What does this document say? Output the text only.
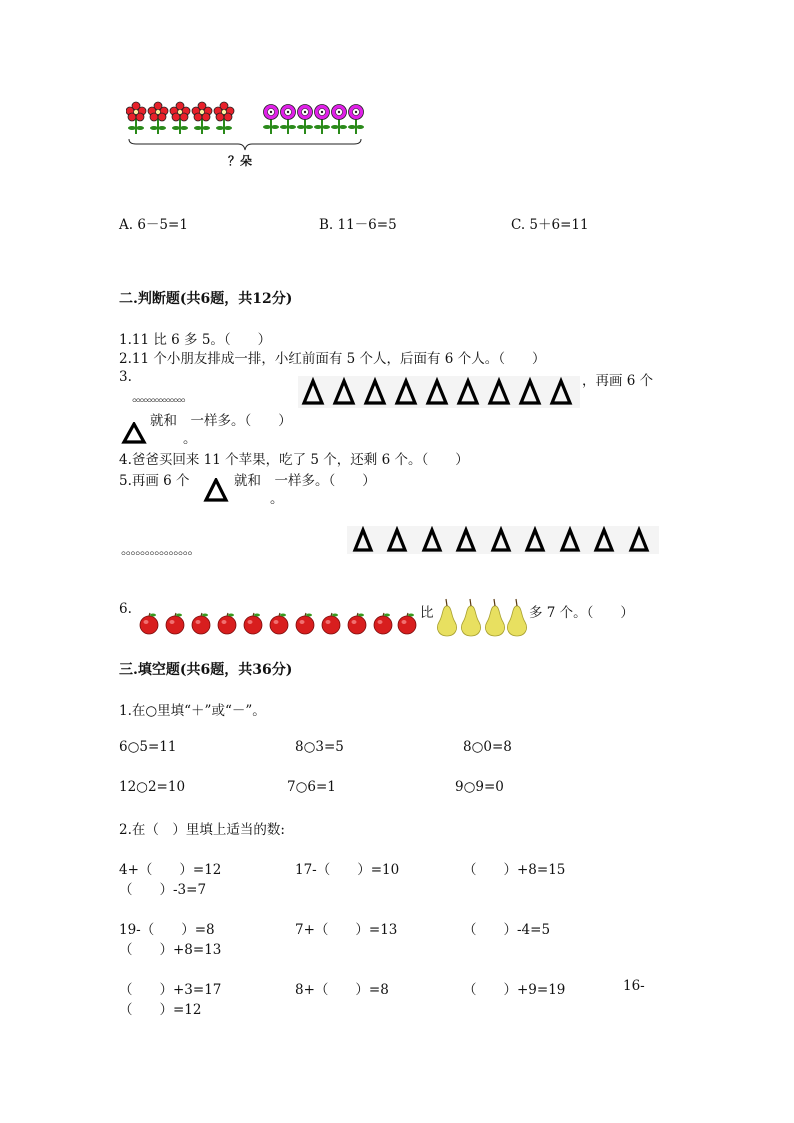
？朵
A. 6－5=1	B. 11－6=5	C. 5＋6=11
二.判断题(共6题，共12分)
1.11 比 6 多 5。（　　）
2.11 个小朋友排成一排，小红前面有 5 个人，后面有 6 个人。（　　）
3.
。。。。。。。。。。。。。。
，再画 6 个
就和　一样多。（　　）
。
4.爸爸买回来 11 个苹果，吃了 5 个，还剩 6 个。（　　）
5.再画 6 个	就和　一样多。（　　）
。
。。。。。。。。。。。。。。。
6.	比	多 7 个。（　　）
三.填空题(共6题，共36分)
1.在○里填“＋”或“－”。
6○5=11	8○3=5	8○0=8
12○2=10	7○6=1	9○9=0
2.在（　）里填上适当的数:
4+（　　）=12	17-（　　）=10	（　　）+8=15
（　　）-3=7
19-（　　）=8	7+（　　）=13	（　　）-4=5
（　　）+8=13
（　　）+3=17	8+（　　）=8	（　　）+9=19	16-
（　　）=12
